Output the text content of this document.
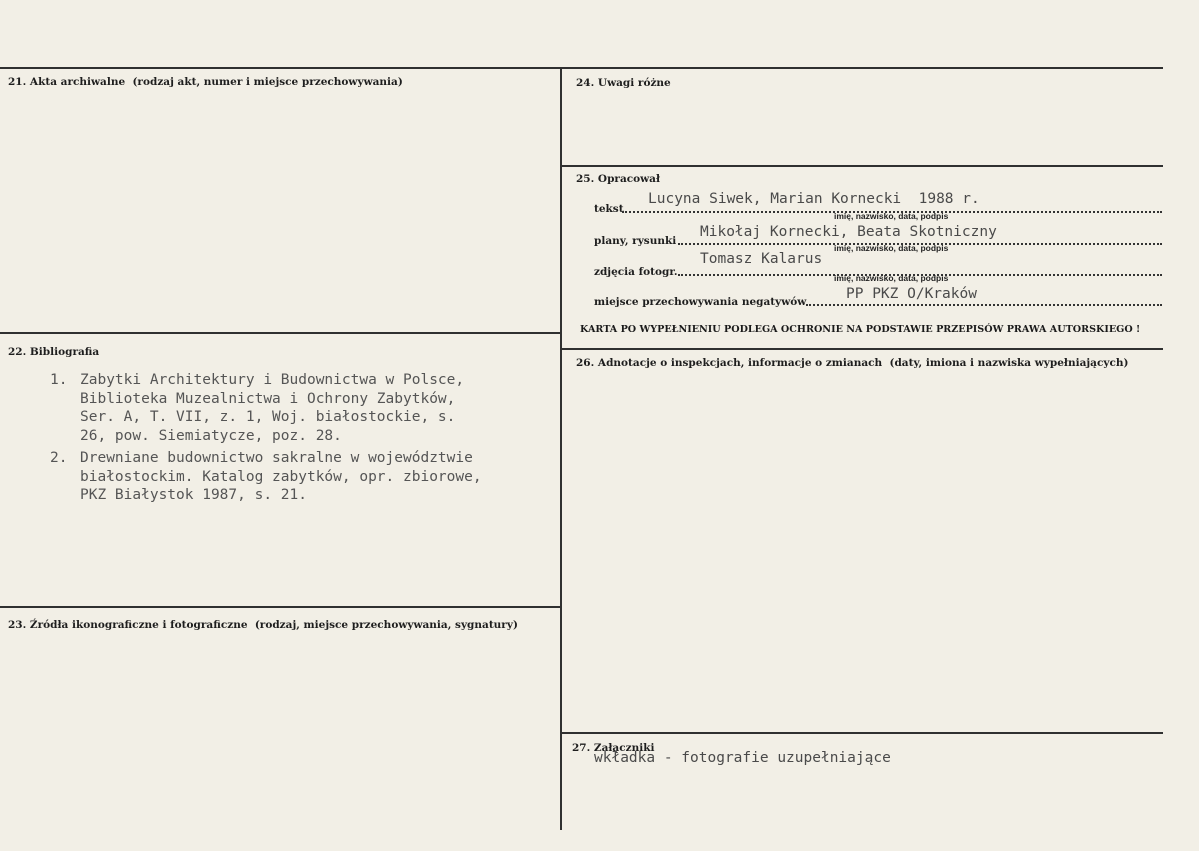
21. Akta archiwalne (rodzaj akt, numer i miejsce przechowywania)
22. Bibliografia
1. Zabytki Architektury i Budownictwa w Polsce,
Biblioteka Muzealnictwa i Ochrony Zabytków,
Ser. A, T. VII, z. 1, Woj. białostockie, s.
26, pow. Siemiatycze, poz. 28.
2. Drewniane budownictwo sakralne w województwie
białostockim. Katalog zabytków, opr. zbiorowe,
PKZ Białystok 1987, s. 21.
23. Źródła ikonograficzne i fotograficzne (rodzaj, miejsce przechowywania, sygnatury)
24. Uwagi różne
25. Opracował
tekst
Lucyna Siwek, Marian Kornecki  1988 r.
imię, nazwisko, data, podpis
plany, rysunki
Mikołaj Kornecki, Beata Skotniczny
imię, nazwisko, data, podpis
Tomasz Kalarus
zdjęcia fotogr.	imię, nazwisko, data, podpis
miejsce przechowywania negatywów	PP PKZ O/Kraków
KARTA PO WYPEŁNIENIU PODLEGA OCHRONIE NA PODSTAWIE PRZEPISÓW PRAWA AUTORSKIEGO !
26. Adnotacje o inspekcjach, informacje o zmianach (daty, imiona i nazwiska wypełniających)
27. Załączniki
wkładka - fotografie uzupełniające
